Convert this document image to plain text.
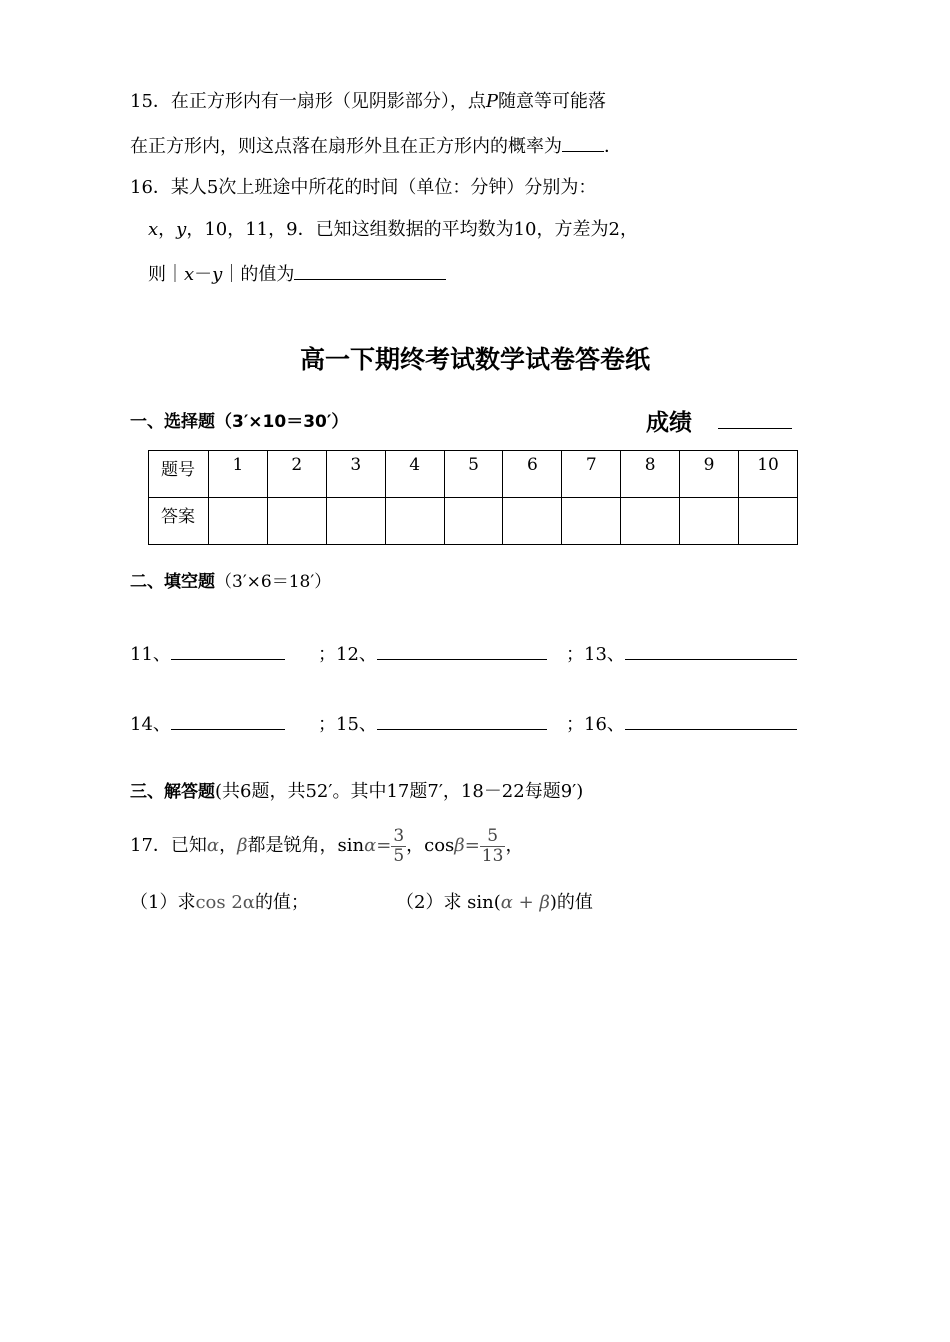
15．在正方形内有一扇形（见阴影部分），点P随意等可能落
在正方形内，则这点落在扇形外且在正方形内的概率为 ．
16．某人5次上班途中所花的时间（单位：分钟）分别为：
x，y，10，11，9．已知这组数据的平均数为10，方差为2，
则｜x－y｜的值为
高一下期终考试数学试卷答卷纸
一、选择题（3′×10＝30′）	成绩
题号	1	2	3	4	5	6	7	8	9	10
答案										
二、填空题（3′×6＝18′）
11、	；12、	；13、
14、	；15、	；16、
三、解答题(共6题，共52′。其中17题7′，18－22每题9′)
17．已知α，β都是锐角，$\sin\alpha= \frac{3}{5}$ ，$\cos\beta= \frac{5}{13}$ ，
（1）求cos 2α的值；	（2）求 sin(α + β)的值
